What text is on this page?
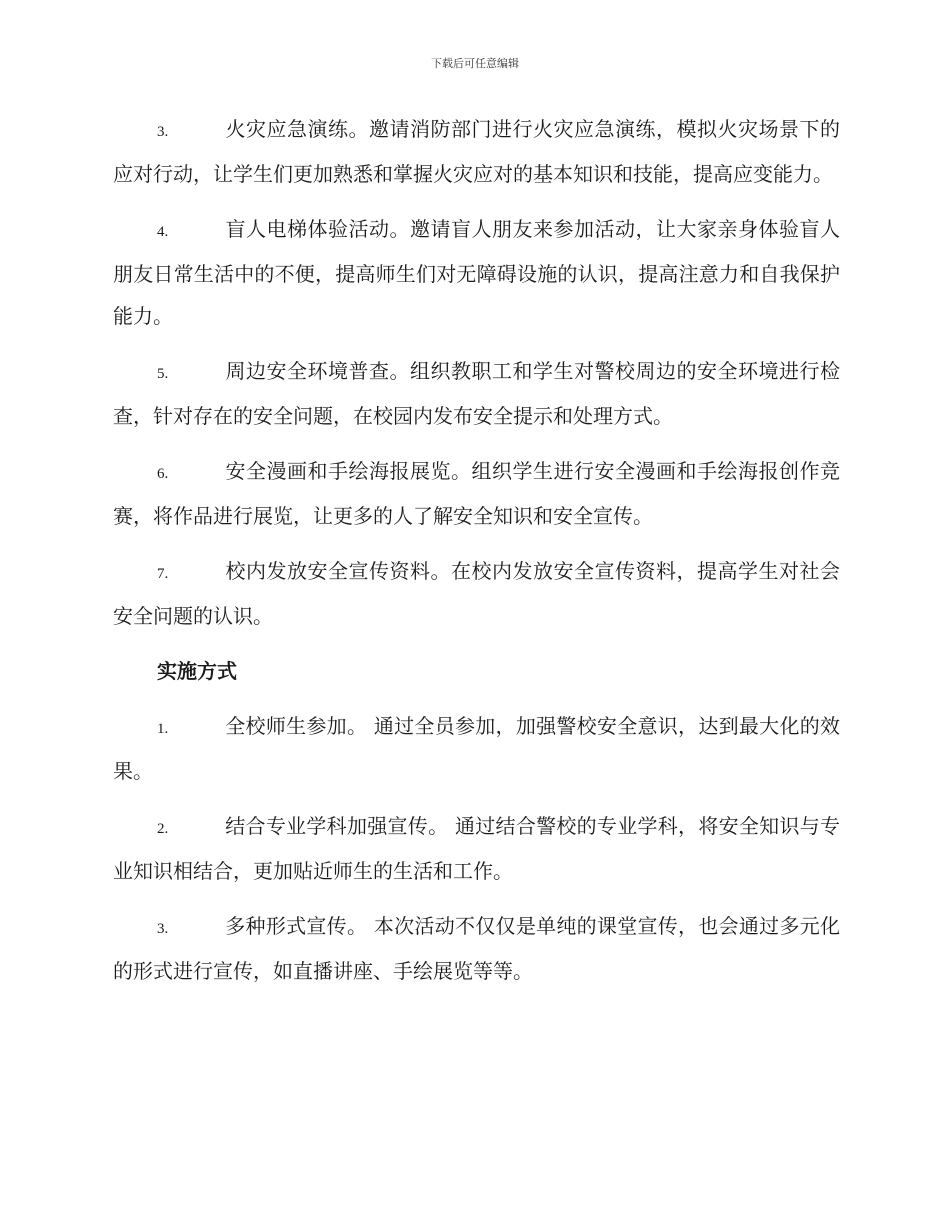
下载后可任意编辑

3.	火灾应急演练。邀请消防部门进行火灾应急演练，模拟火灾场景下的应对行动，让学生们更加熟悉和掌握火灾应对的基本知识和技能，提高应变能力。

4.	盲人电梯体验活动。邀请盲人朋友来参加活动，让大家亲身体验盲人朋友日常生活中的不便，提高师生们对无障碍设施的认识，提高注意力和自我保护能力。

5.	周边安全环境普查。组织教职工和学生对警校周边的安全环境进行检查，针对存在的安全问题，在校园内发布安全提示和处理方式。

6.	安全漫画和手绘海报展览。组织学生进行安全漫画和手绘海报创作竞赛，将作品进行展览，让更多的人了解安全知识和安全宣传。

7.	校内发放安全宣传资料。在校内发放安全宣传资料，提高学生对社会安全问题的认识。

实施方式

1.	全校师生参加。 通过全员参加，加强警校安全意识，达到最大化的效果。

2.	结合专业学科加强宣传。 通过结合警校的专业学科，将安全知识与专业知识相结合，更加贴近师生的生活和工作。

3.	多种形式宣传。 本次活动不仅仅是单纯的课堂宣传，也会通过多元化的形式进行宣传，如直播讲座、手绘展览等等。
